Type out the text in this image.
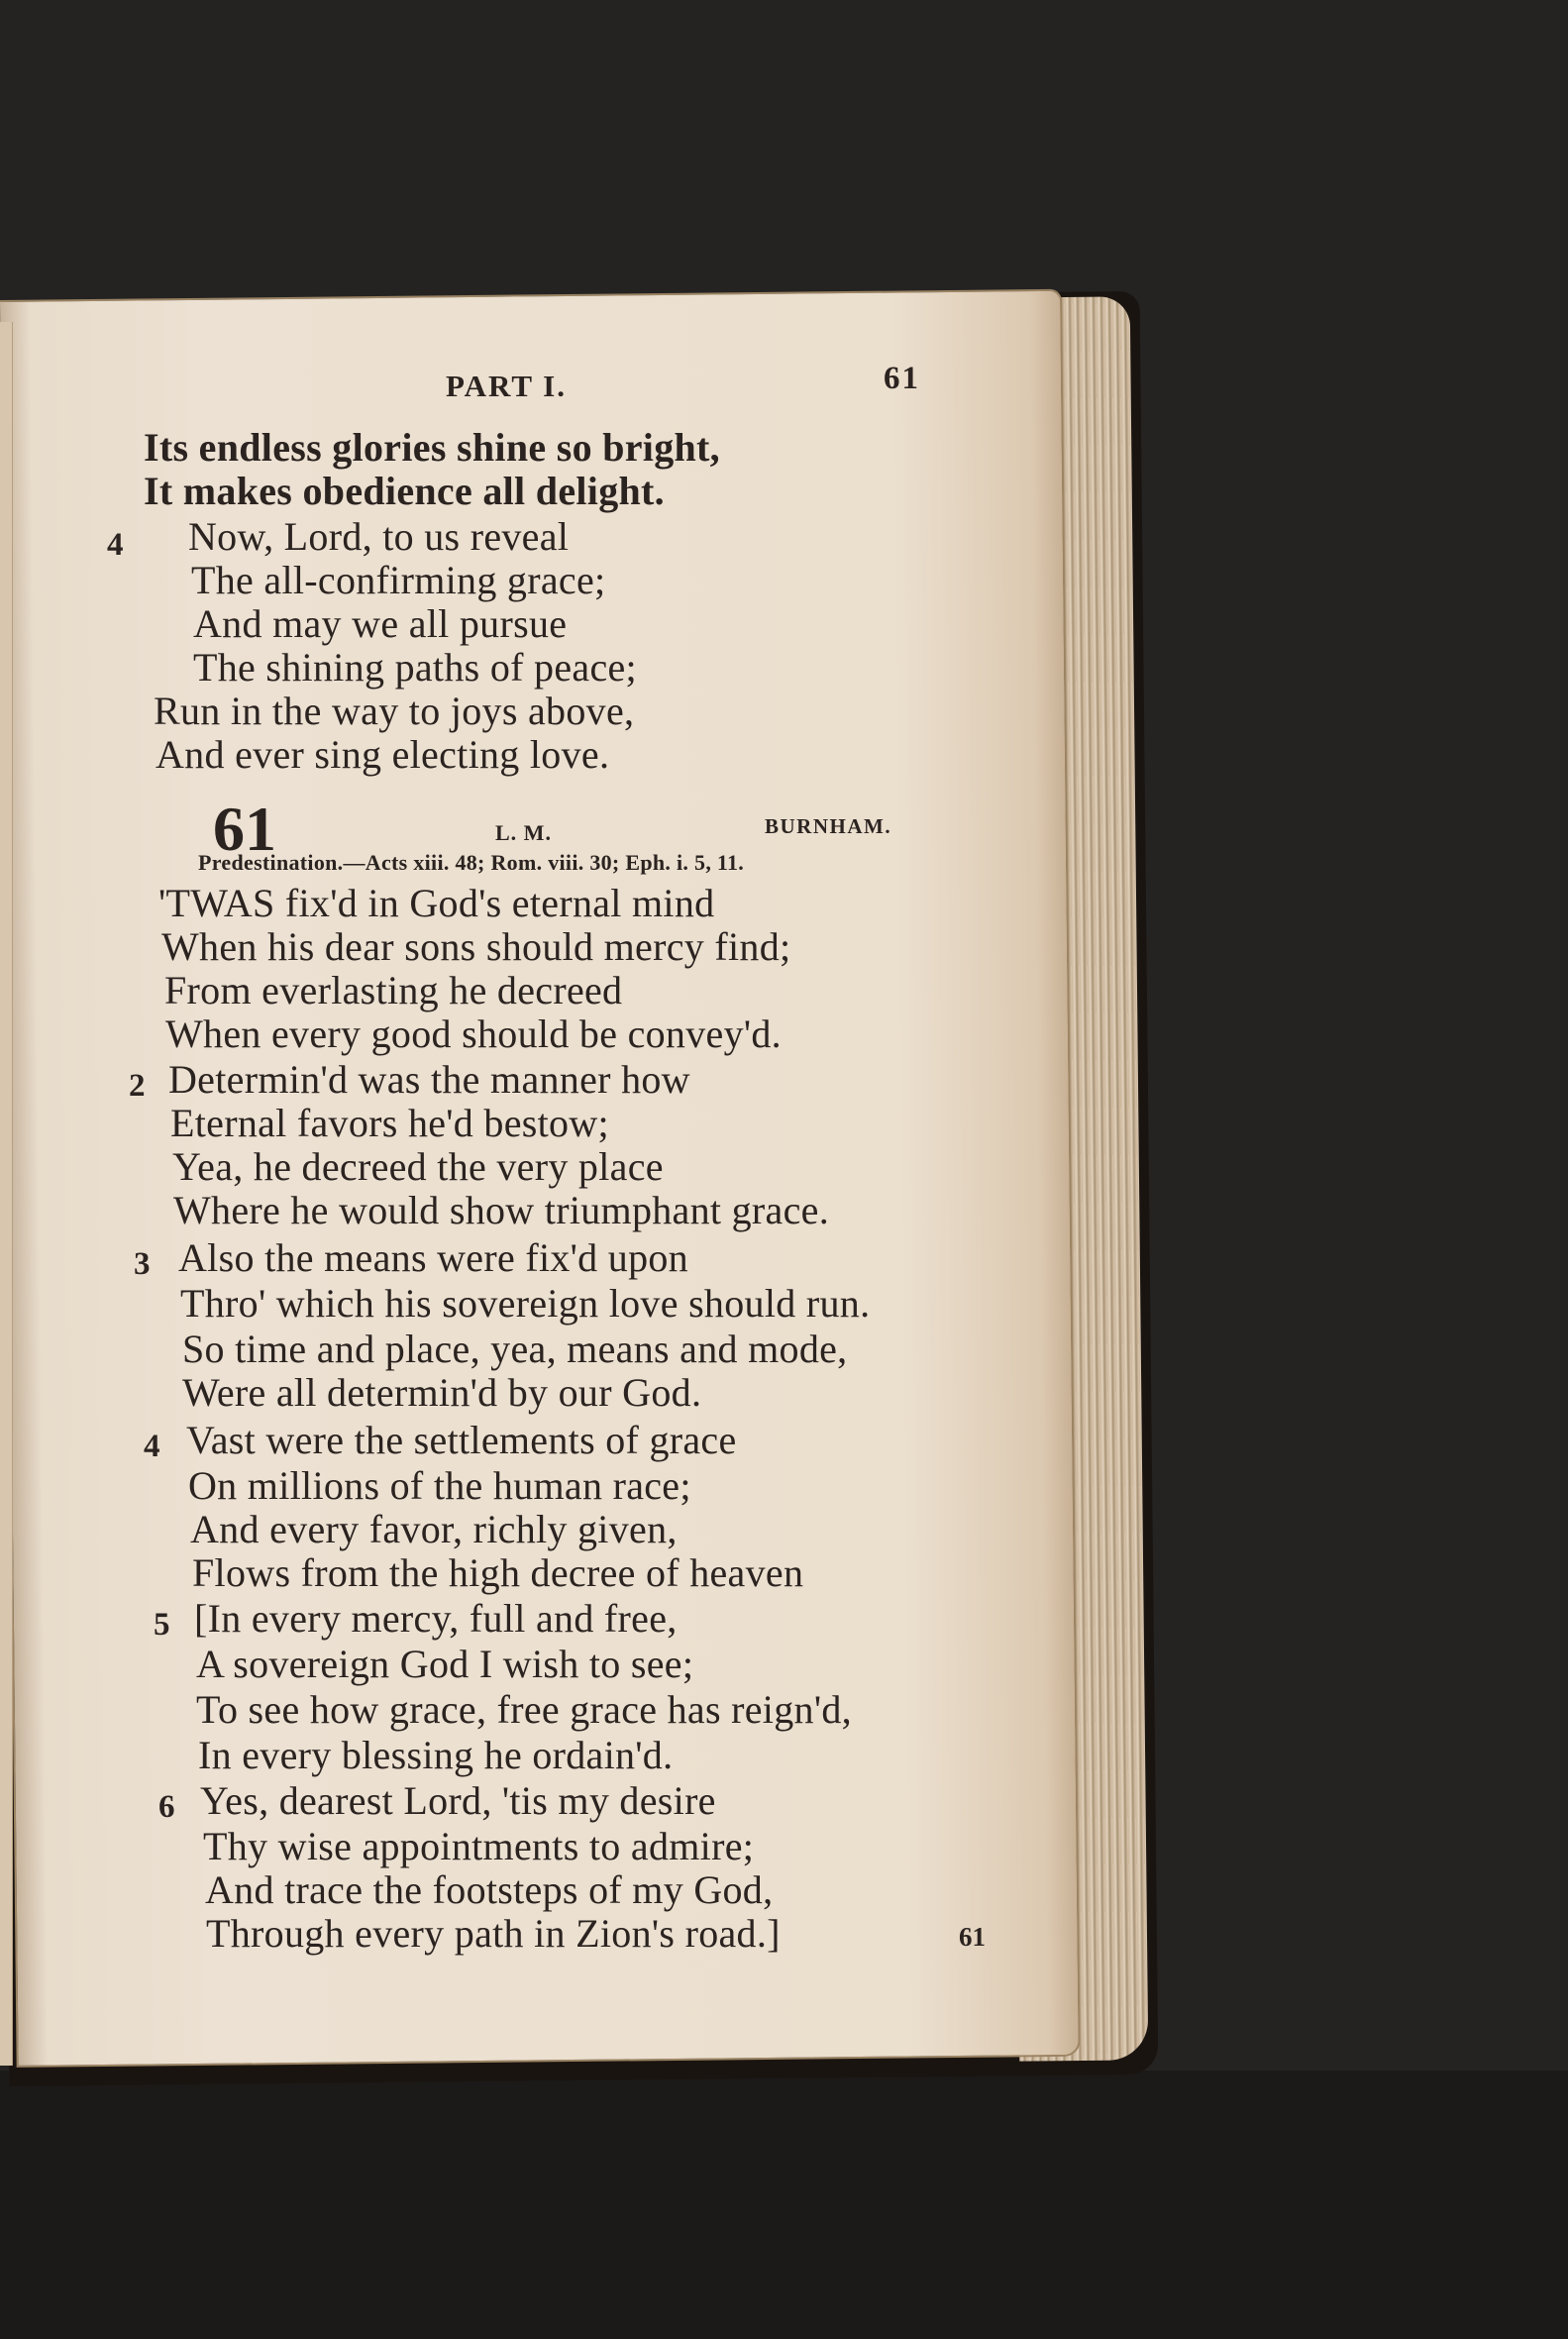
PART I.	61
Its endless glories shine so bright,
It makes obedience all delight.
4 Now, Lord, to us reveal
The all-confirming grace;
And may we all pursue
The shining paths of peace;
Run in the way to joys above,
And ever sing electing love.
61	L. M.	BURNHAM.
Predestination.—Acts xiii. 48; Rom. viii. 30; Eph. i. 5, 11.
'TWAS fix'd in God's eternal mind
When his dear sons should mercy find;
From everlasting he decreed
When every good should be convey'd.
2 Determin'd was the manner how
Eternal favors he'd bestow;
Yea, he decreed the very place
Where he would show triumphant grace.
3 Also the means were fix'd upon
Thro' which his sovereign love should run.
So time and place, yea, means and mode,
Were all determin'd by our God.
4 Vast were the settlements of grace
On millions of the human race;
And every favor, richly given,
Flows from the high decree of heaven
5 [In every mercy, full and free,
A sovereign God I wish to see;
To see how grace, free grace has reign'd,
In every blessing he ordain'd.
6 Yes, dearest Lord, 'tis my desire
Thy wise appointments to admire;
And trace the footsteps of my God,
Through every path in Zion's road.]	61
